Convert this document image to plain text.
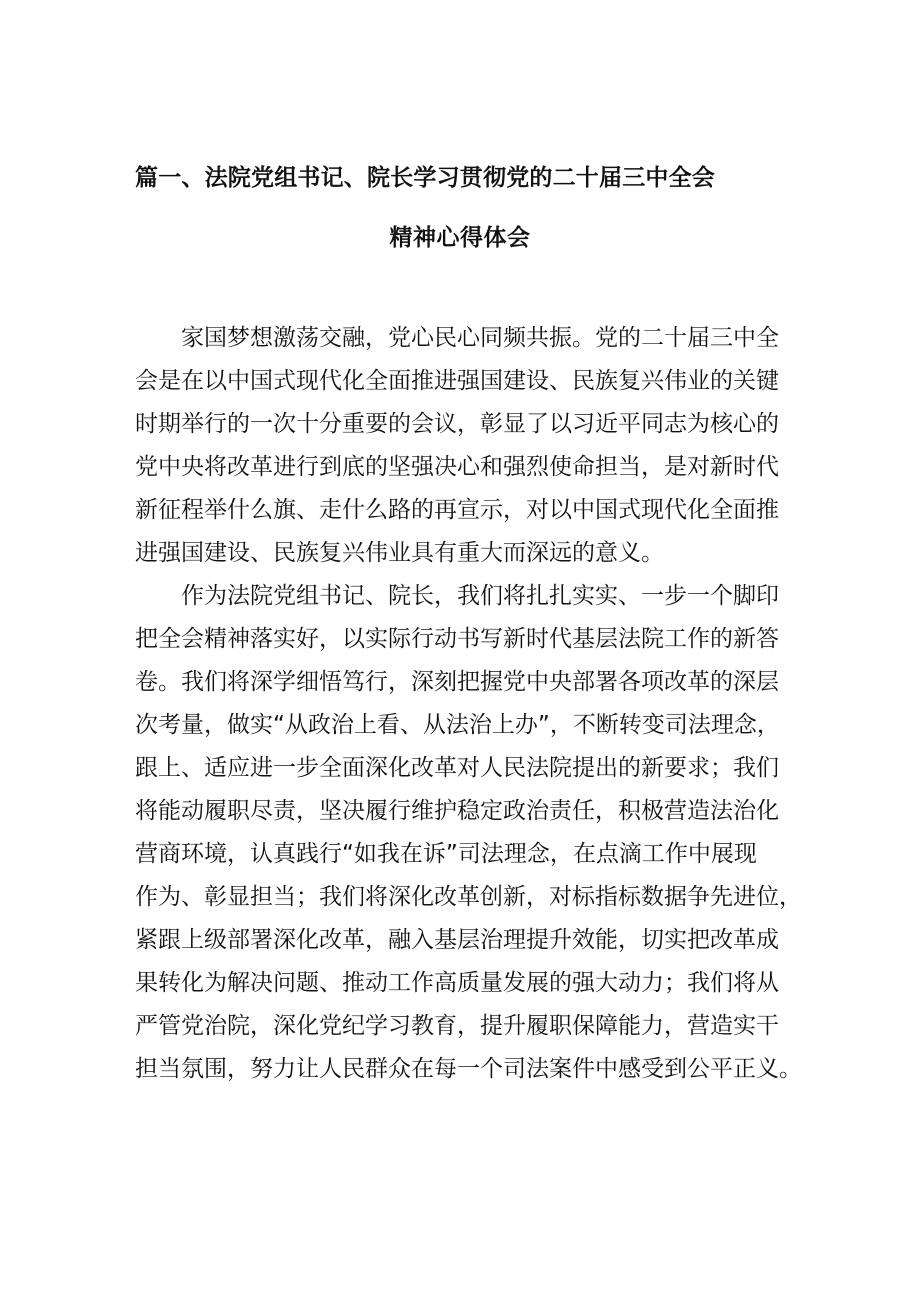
篇一、法院党组书记、院长学习贯彻党的二十届三中全会
精神心得体会

家国梦想激荡交融，党心民心同频共振。党的二十届三中全

会是在以中国式现代化全面推进强国建设、民族复兴伟业的关键

时期举行的一次十分重要的会议，彰显了以习近平同志为核心的

党中央将改革进行到底的坚强决心和强烈使命担当，是对新时代

新征程举什么旗、走什么路的再宣示，对以中国式现代化全面推

进强国建设、民族复兴伟业具有重大而深远的意义。

作为法院党组书记、院长，我们将扎扎实实、一步一个脚印

把全会精神落实好，以实际行动书写新时代基层法院工作的新答

卷。我们将深学细悟笃行，深刻把握党中央部署各项改革的深层

次考量，做实“从政治上看、从法治上办”，不断转变司法理念，

跟上、适应进一步全面深化改革对人民法院提出的新要求；我们

将能动履职尽责，坚决履行维护稳定政治责任，积极营造法治化

营商环境，认真践行“如我在诉”司法理念，在点滴工作中展现

作为、彰显担当；我们将深化改革创新，对标指标数据争先进位，

紧跟上级部署深化改革，融入基层治理提升效能，切实把改革成

果转化为解决问题、推动工作高质量发展的强大动力；我们将从

严管党治院，深化党纪学习教育，提升履职保障能力，营造实干

担当氛围，努力让人民群众在每一个司法案件中感受到公平正义。
